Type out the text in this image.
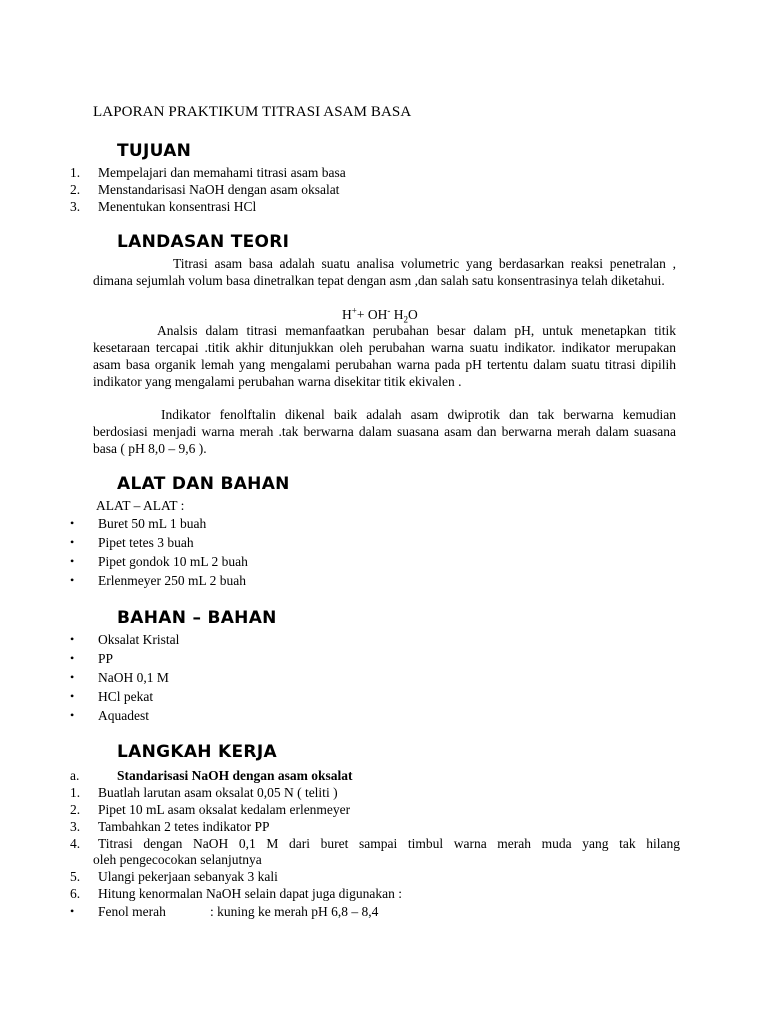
LAPORAN PRAKTIKUM TITRASI ASAM BASA
TUJUAN
1. Mempelajari dan memahami titrasi asam basa
2. Menstandarisasi NaOH dengan asam oksalat
3. Menentukan konsentrasi HCl
LANDASAN TEORI

Titrasi asam basa adalah suatu analisa volumetric yang berdasarkan reaksi penetralan , dimana sejumlah volum basa dinetralkan tepat dengan asm ,dan salah satu konsentrasinya telah diketahui.

H++ OH- $H_2O$

Analsis dalam titrasi memanfaatkan perubahan besar dalam pH, untuk menetapkan titik kesetaraan tercapai .titik akhir ditunjukkan oleh perubahan warna suatu indikator. indikator merupakan asam basa organik lemah yang mengalami perubahan warna pada pH tertentu dalam suatu titrasi dipilih indikator yang mengalami perubahan warna disekitar titik ekivalen .

Indikator fenolftalin dikenal baik adalah asam dwiprotik dan tak berwarna kemudian berdosiasi menjadi warna merah .tak berwarna dalam suasana asam dan berwarna merah dalam suasana basa ( pH 8,0 – 9,6 ).

ALAT DAN BAHAN
ALAT – ALAT :
• Buret 50 mL 1 buah
• Pipet tetes 3 buah
• Pipet gondok 10 mL 2 buah
• Erlenmeyer 250 mL 2 buah
BAHAN – BAHAN
• Oksalat Kristal
• PP
• NaOH 0,1 M
• HCl pekat
• Aquadest
LANGKAH KERJA
a.	Standarisasi NaOH dengan asam oksalat
1. Buatlah larutan asam oksalat 0,05 N ( teliti )
2. Pipet 10 mL asam oksalat kedalam erlenmeyer
3. Tambahkan 2 tetes indikator PP
4. Titrasi dengan NaOH 0,1 M dari buret sampai timbul warna merah muda yang tak hilang
oleh pengecocokan selanjutnya
5. Ulangi pekerjaan sebanyak 3 kali
6. Hitung kenormalan NaOH selain dapat juga digunakan :
• Fenol merah	: kuning ke merah pH 6,8 – 8,4
